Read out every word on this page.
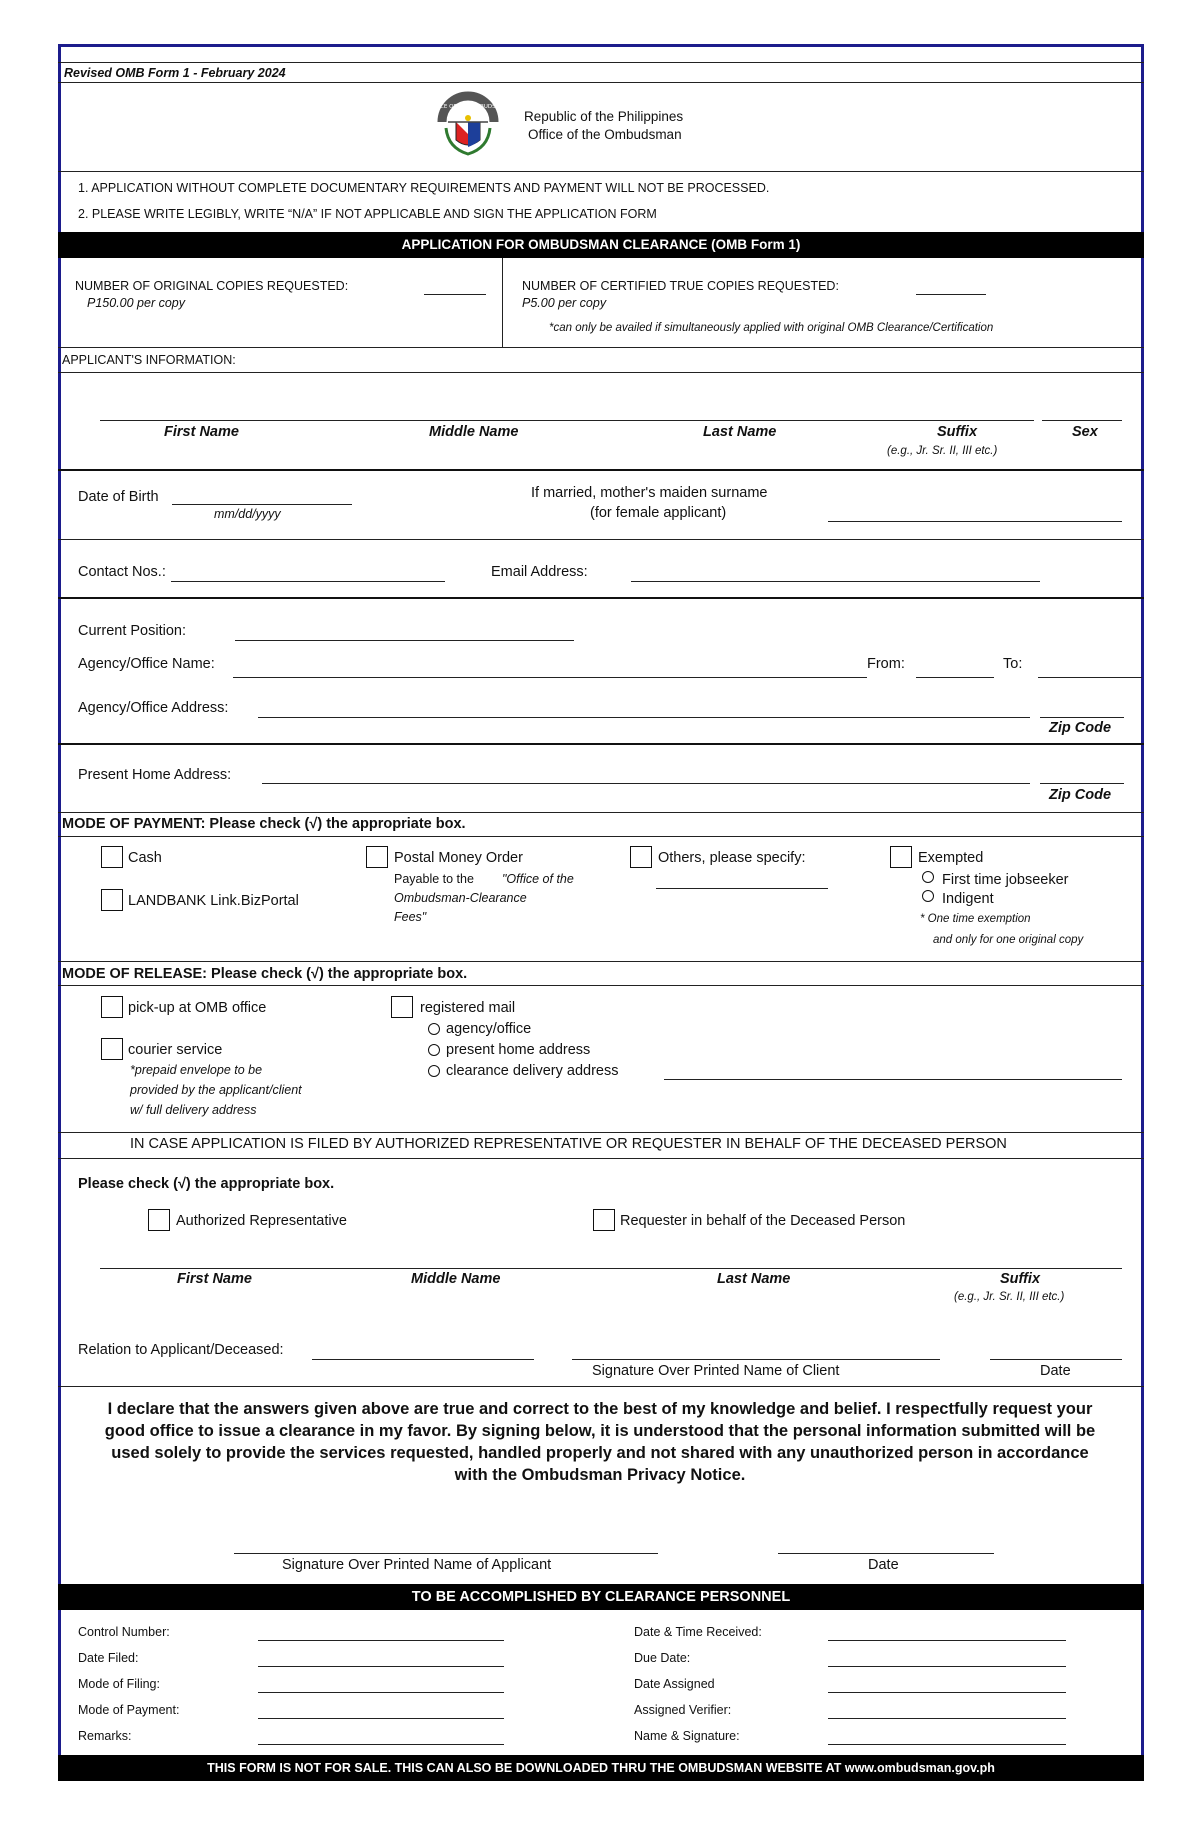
Revised OMB Form 1 - February 2024
OFFICE OF THE OMBUDSMAN
Republic of the Philippines
Office of the Ombudsman
1. APPLICATION WITHOUT COMPLETE DOCUMENTARY REQUIREMENTS AND PAYMENT WILL NOT BE PROCESSED.
2. PLEASE WRITE LEGIBLY, WRITE “N/A” IF NOT APPLICABLE AND SIGN THE APPLICATION FORM
APPLICATION FOR OMBUDSMAN CLEARANCE (OMB Form 1)
NUMBER OF ORIGINAL COPIES REQUESTED:
P150.00 per copy
NUMBER OF CERTIFIED TRUE COPIES REQUESTED:
P5.00 per copy
*can only be availed if simultaneously applied with original OMB Clearance/Certification
APPLICANT'S INFORMATION:
First Name	Middle Name	Last Name	Suffix	Sex
(e.g., Jr. Sr. II, III etc.)
Date of Birth
mm/dd/yyyy
If married, mother's maiden surname
(for female applicant)
Contact Nos.:	Email Address:
Current Position:
Agency/Office Name:	From:	To:
Agency/Office Address:
Zip Code
Present Home Address:
Zip Code
MODE OF PAYMENT: Please check (√) the appropriate box.
Cash
LANDBANK Link.BizPortal
Postal Money Order
Payable to the "Office of the
Ombudsman-Clearance
Fees"
Others, please specify:	Exempted
First time jobseeker
Indigent
* One time exemption
and only for one original copy
MODE OF RELEASE: Please check (√) the appropriate box.
pick-up at OMB office
courier service
*prepaid envelope to be
provided by the applicant/client
w/ full delivery address
registered mail
agency/office
present home address
clearance delivery address
IN CASE APPLICATION IS FILED BY AUTHORIZED REPRESENTATIVE OR REQUESTER IN BEHALF OF THE DECEASED PERSON
Please check (√) the appropriate box.
Authorized Representative	Requester in behalf of the Deceased Person
First Name	Middle Name	Last Name	Suffix
(e.g., Jr. Sr. II, III etc.)
Relation to Applicant/Deceased:
Signature Over Printed Name of Client	Date
I declare that the answers given above are true and correct to the best of my knowledge and belief. I respectfully request your good office to issue a clearance in my favor. By signing below, it is understood that the personal information submitted will be used solely to provide the services requested, handled properly and not shared with any unauthorized person in accordance with the Ombudsman Privacy Notice.
Signature Over Printed Name of Applicant	Date
TO BE ACCOMPLISHED BY CLEARANCE PERSONNEL
Control Number:
Date Filed:
Mode of Filing:
Mode of Payment:
Remarks:
Date & Time Received:
Due Date:
Date Assigned
Assigned Verifier:
Name & Signature:
THIS FORM IS NOT FOR SALE. THIS CAN ALSO BE DOWNLOADED THRU THE OMBUDSMAN WEBSITE AT www.ombudsman.gov.ph
